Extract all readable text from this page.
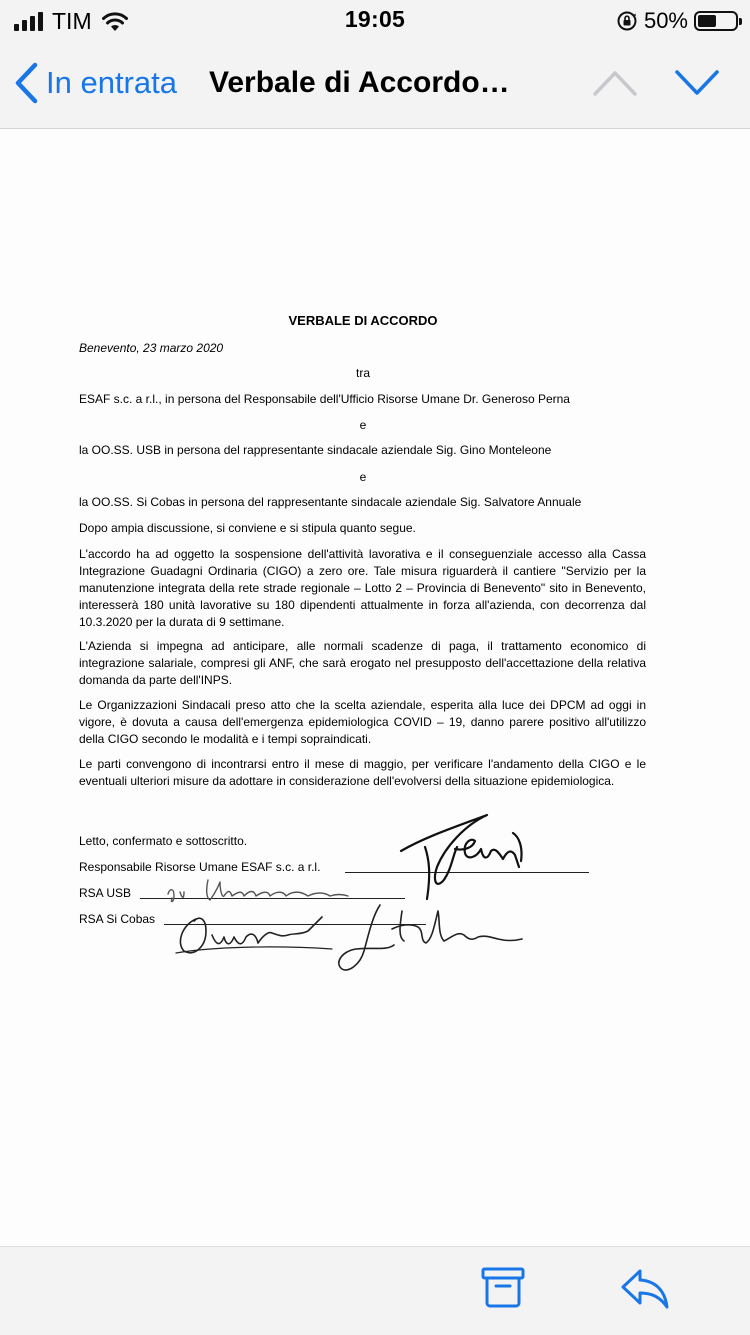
TIM	19:05	50%
In entrata Verbale di Accordo…
VERBALE DI ACCORDO
Benevento, 23 marzo 2020
tra
ESAF s.c. a r.l., in persona del Responsabile dell'Ufficio Risorse Umane Dr. Generoso Perna
e
la OO.SS. USB in persona del rappresentante sindacale aziendale Sig. Gino Monteleone
e
la OO.SS. Si Cobas in persona del rappresentante sindacale aziendale Sig. Salvatore Annuale
Dopo ampia discussione, si conviene e si stipula quanto segue.
L'accordo ha ad oggetto la sospensione dell'attività lavorativa e il conseguenziale accesso alla Cassa Integrazione Guadagni Ordinaria (CIGO) a zero ore. Tale misura riguarderà il cantiere "Servizio per la manutenzione integrata della rete strade regionale – Lotto 2 – Provincia di Benevento" sito in Benevento, interesserà 180 unità lavorative su 180 dipendenti attualmente in forza all'azienda, con decorrenza dal 10.3.2020 per la durata di 9 settimane.
L'Azienda si impegna ad anticipare, alle normali scadenze di paga, il trattamento economico di integrazione salariale, compresi gli ANF, che sarà erogato nel presupposto dell'accettazione della relativa domanda da parte dell'INPS.
Le Organizzazioni Sindacali preso atto che la scelta aziendale, esperita alla luce dei DPCM ad oggi in vigore, è dovuta a causa dell'emergenza epidemiologica COVID – 19, danno parere positivo all'utilizzo della CIGO secondo le modalità e i tempi sopraindicati.
Le parti convengono di incontrarsi entro il mese di maggio, per verificare l'andamento della CIGO e le eventuali ulteriori misure da adottare in considerazione dell'evolversi della situazione epidemiologica.
Letto, confermato e sottoscritto.
Responsabile Risorse Umane ESAF s.c. a r.l.
RSA USB
RSA Si Cobas
